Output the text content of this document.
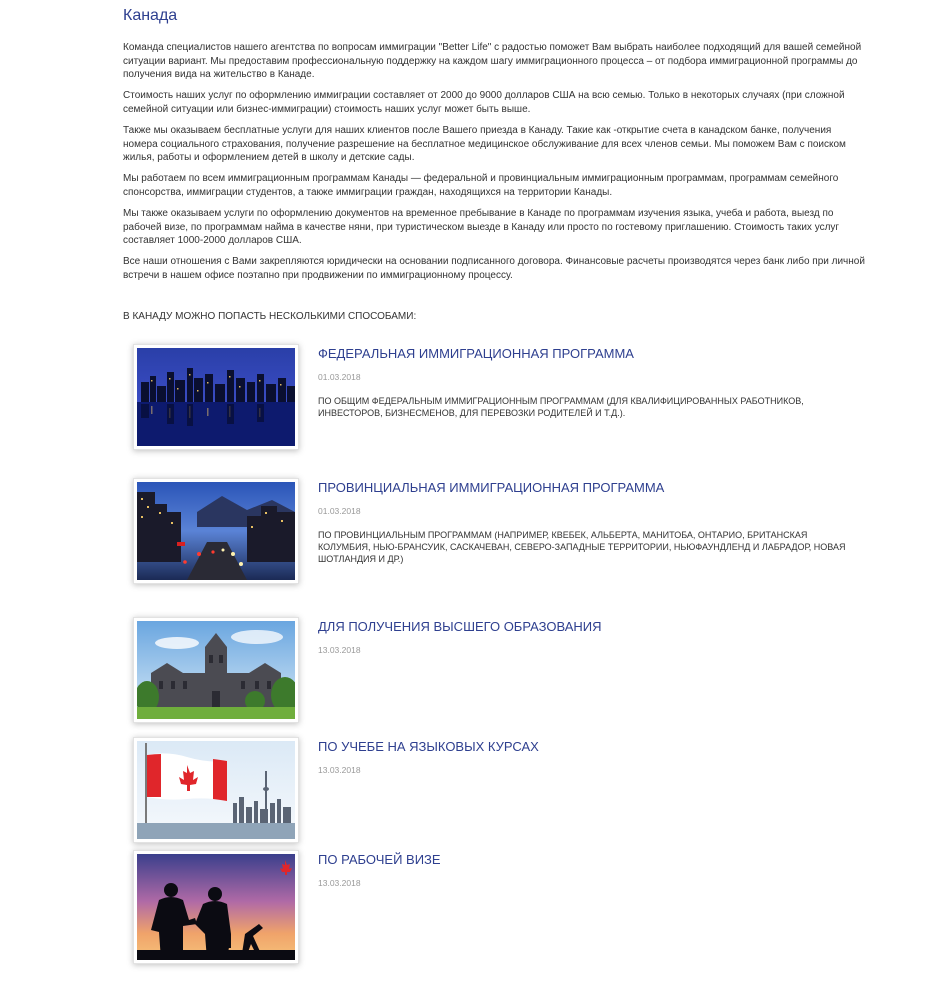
Канада

Команда специалистов нашего агентства по вопросам иммиграции "Better Life" с радостью поможет Вам выбрать наиболее подходящий для вашей семейной ситуации вариант. Мы предоставим профессиональную поддержку на каждом шагу иммиграционного процесса – от подбора иммиграционной программы до получения вида на жительство в Канаде.

Стоимость наших услуг по оформлению иммиграции составляет от 2000 до 9000 долларов США на всю семью. Только в некоторых случаях (при сложной семейной ситуации или бизнес-иммиграции) стоимость наших услуг может быть выше.

Также мы оказываем бесплатные услуги для наших клиентов после Вашего приезда в Канаду. Такие как -открытие счета в канадском банке, получения номера социального страхования, получение разрешение на бесплатное медицинское обслуживание для всех членов семьи. Мы поможем Вам с поиском жилья, работы и оформлением детей в школу и детские сады.

Мы работаем по всем иммиграционным программам Канады — федеральной и провинциальным иммиграционным программам, программам семейного спонсорства, иммиграции студентов, а также иммиграции граждан, находящихся на территории Канады.

Мы также оказываем услуги по оформлению документов на временное пребывание в Канаде по программам изучения языка, учеба и работа, выезд по рабочей визе, по программам найма в качестве няни, при туристическом выезде в Канаду или просто по гостевому приглашению. Стоимость таких услуг составляет 1000-2000 долларов США.

Все наши отношения с Вами закрепляются юридически на основании подписанного договора. Финансовые расчеты производятся через банк либо при личной встречи в нашем офисе поэтапно при продвижении по иммиграционному процессу.

В КАНАДУ МОЖНО ПОПАСТЬ НЕСКОЛЬКИМИ СПОСОБАМИ:
ФЕДЕРАЛЬНАЯ ИММИГРАЦИОННАЯ ПРОГРАММА
01.03.2018
ПО ОБЩИМ ФЕДЕРАЛЬНЫМ ИММИГРАЦИОННЫМ ПРОГРАММАМ (ДЛЯ КВАЛИФИЦИРОВАННЫХ РАБОТНИКОВ, ИНВЕСТОРОВ, БИЗНЕСМЕНОВ, ДЛЯ ПЕРЕВОЗКИ РОДИТЕЛЕЙ И Т.Д.).
ПРОВИНЦИАЛЬНАЯ ИММИГРАЦИОННАЯ ПРОГРАММА
01.03.2018
ПО ПРОВИНЦИАЛЬНЫМ ПРОГРАММАМ (НАПРИМЕР, КВЕБЕК, АЛЬБЕРТА, МАНИТОБА, ОНТАРИО, БРИТАНСКАЯ КОЛУМБИЯ, НЬЮ-БРАНСУИК, САСКАЧЕВАН, СЕВЕРО-ЗАПАДНЫЕ ТЕРРИТОРИИ, НЬЮФАУНДЛЕНД И ЛАБРАДОР, НОВАЯ ШОТЛАНДИЯ И ДР.)
ДЛЯ ПОЛУЧЕНИЯ ВЫСШЕГО ОБРАЗОВАНИЯ
13.03.2018
ПО УЧЕБЕ НА ЯЗЫКОВЫХ КУРСАХ
13.03.2018
ПО РАБОЧЕЙ ВИЗЕ
13.03.2018
